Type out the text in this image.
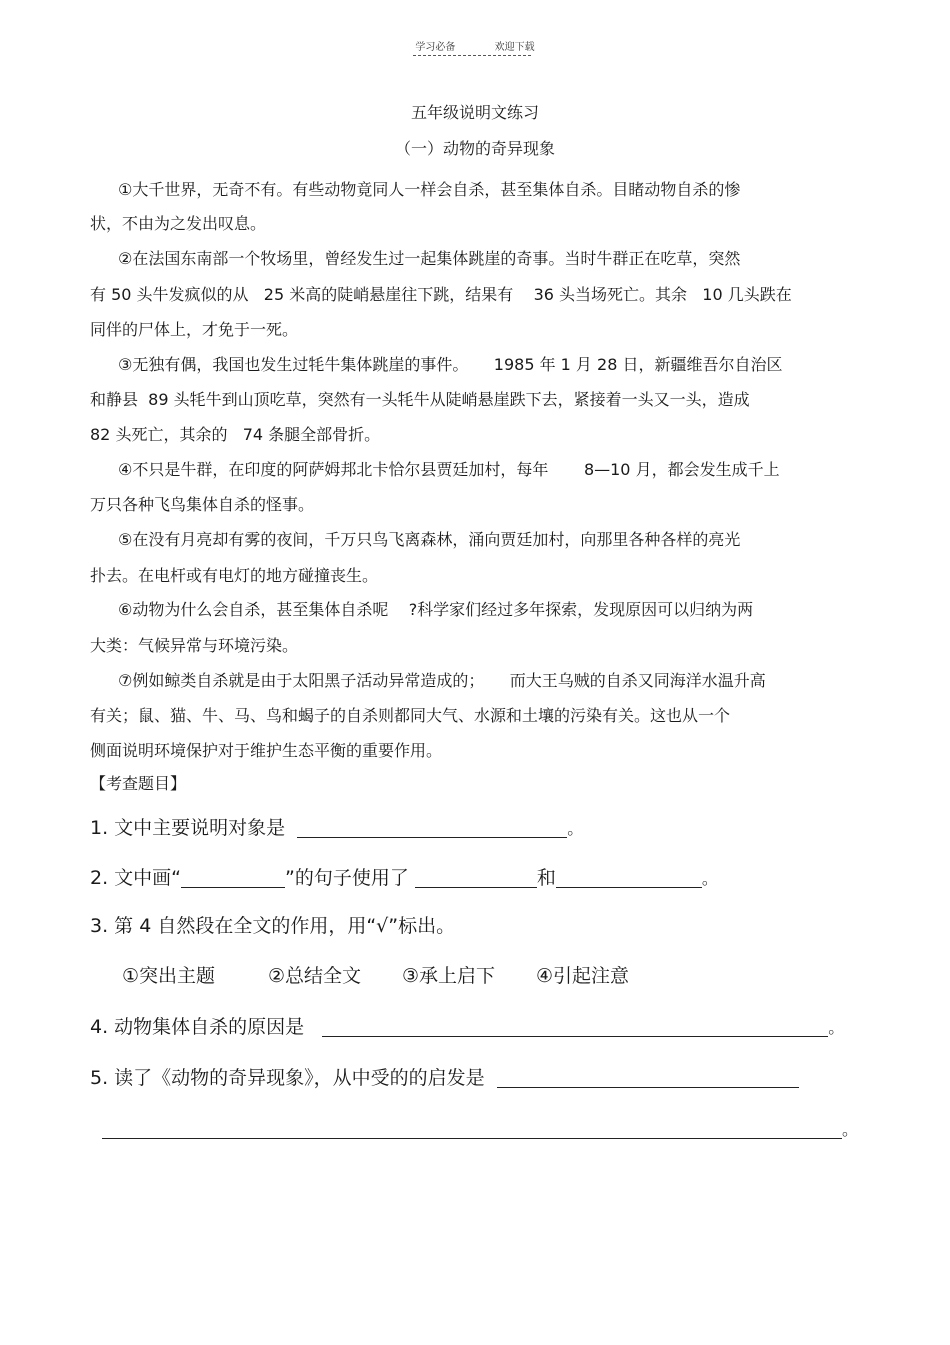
学习必备	欢迎下载
五年级说明文练习
（一）动物的奇异现象
①大千世界，无奇不有。有些动物竟同人一样会自杀，甚至集体自杀。目睹动物自杀的惨
状，不由为之发出叹息。
②在法国东南部一个牧场里，曾经发生过一起集体跳崖的奇事。当时牛群正在吃草，突然
有 50 头牛发疯似的从   25 米高的陡峭悬崖往下跳，结果有    36 头当场死亡。其余   10 几头跌在
同伴的尸体上，才免于一死。
③无独有偶，我国也发生过牦牛集体跳崖的事件。     1985 年 1 月 28 日，新疆维吾尔自治区
和静县  89 头牦牛到山顶吃草，突然有一头牦牛从陡峭悬崖跌下去，紧接着一头又一头，造成
82 头死亡，其余的   74 条腿全部骨折。
④不只是牛群，在印度的阿萨姆邦北卡恰尔县贾廷加村，每年       8—10 月，都会发生成千上
万只各种飞鸟集体自杀的怪事。
⑤在没有月亮却有雾的夜间，千万只鸟飞离森林，涌向贾廷加村，向那里各种各样的亮光
扑去。在电杆或有电灯的地方碰撞丧生。
⑥动物为什么会自杀，甚至集体自杀呢    ?科学家们经过多年探索，发现原因可以归纳为两
大类：气候异常与环境污染。
⑦例如鲸类自杀就是由于太阳黑子活动异常造成的；     而大王乌贼的自杀又同海洋水温升高
有关；鼠、猫、牛、马、鸟和蝎子的自杀则都同大气、水源和土壤的污染有关。这也从一个
侧面说明环境保护对于维护生态平衡的重要作用。
【考查题目】
1. 文中主要说明对象是	。
2. 文中画“	”的句子使用了	和	。
3. 第 4 自然段在全文的作用，用“√”标出。
①突出主题	②总结全文 ③承上启下 ④引起注意
4. 动物集体自杀的原因是	。
5. 读了《动物的奇异现象》，从中受的的启发是
。
